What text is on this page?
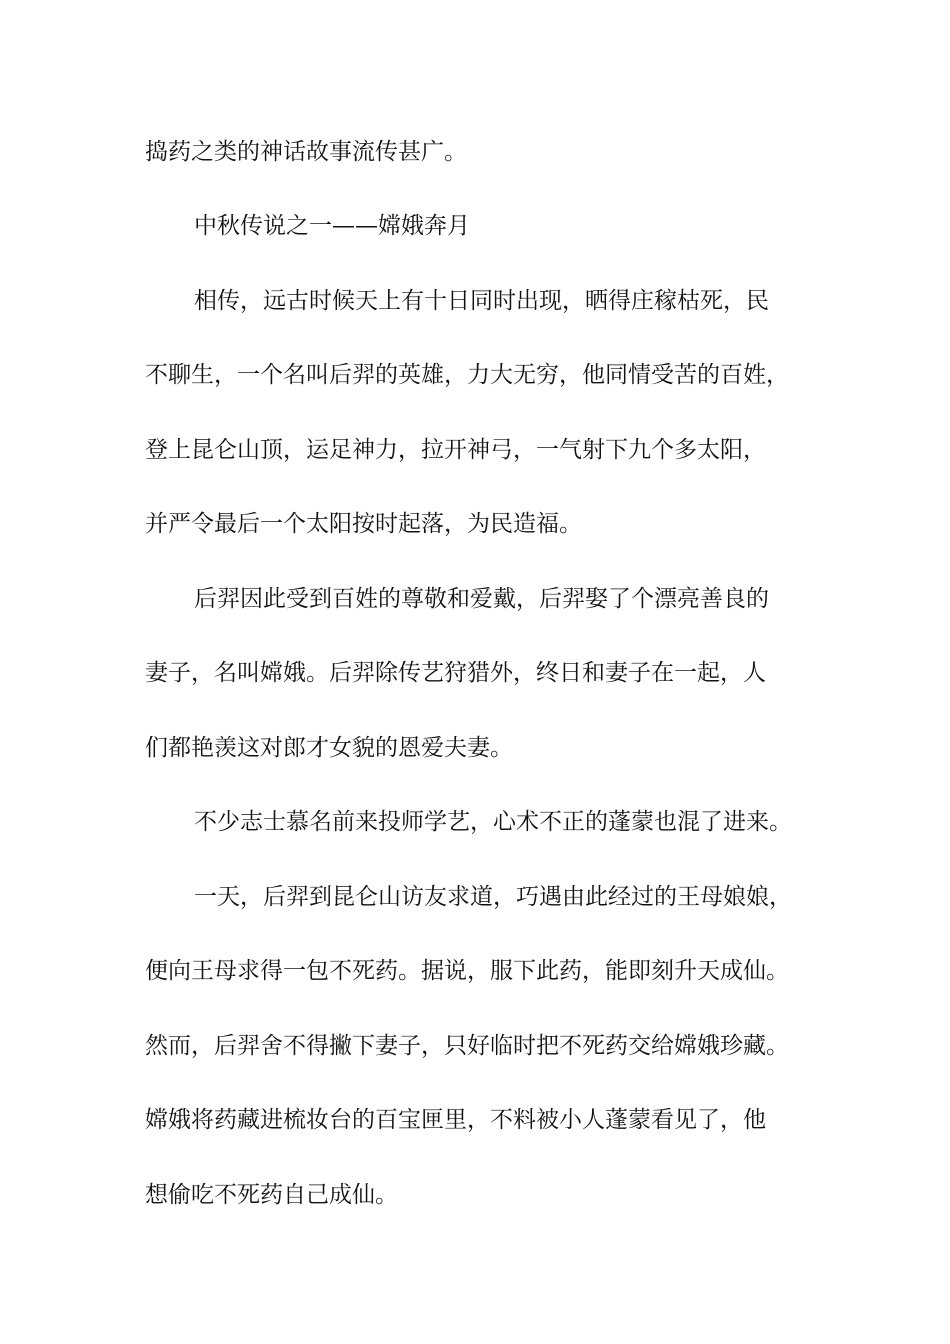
捣药之类的神话故事流传甚广。
中秋传说之一——嫦娥奔月
相传，远古时候天上有十日同时出现，晒得庄稼枯死，民
不聊生，一个名叫后羿的英雄，力大无穷，他同情受苦的百姓，
登上昆仑山顶，运足神力，拉开神弓，一气射下九个多太阳，
并严令最后一个太阳按时起落，为民造福。
后羿因此受到百姓的尊敬和爱戴，后羿娶了个漂亮善良的
妻子，名叫嫦娥。后羿除传艺狩猎外，终日和妻子在一起，人
们都艳羡这对郎才女貌的恩爱夫妻。
不少志士慕名前来投师学艺，心术不正的蓬蒙也混了进来。
一天，后羿到昆仑山访友求道，巧遇由此经过的王母娘娘，
便向王母求得一包不死药。据说，服下此药，能即刻升天成仙。
然而，后羿舍不得撇下妻子，只好临时把不死药交给嫦娥珍藏。
嫦娥将药藏进梳妆台的百宝匣里，不料被小人蓬蒙看见了，他
想偷吃不死药自己成仙。
